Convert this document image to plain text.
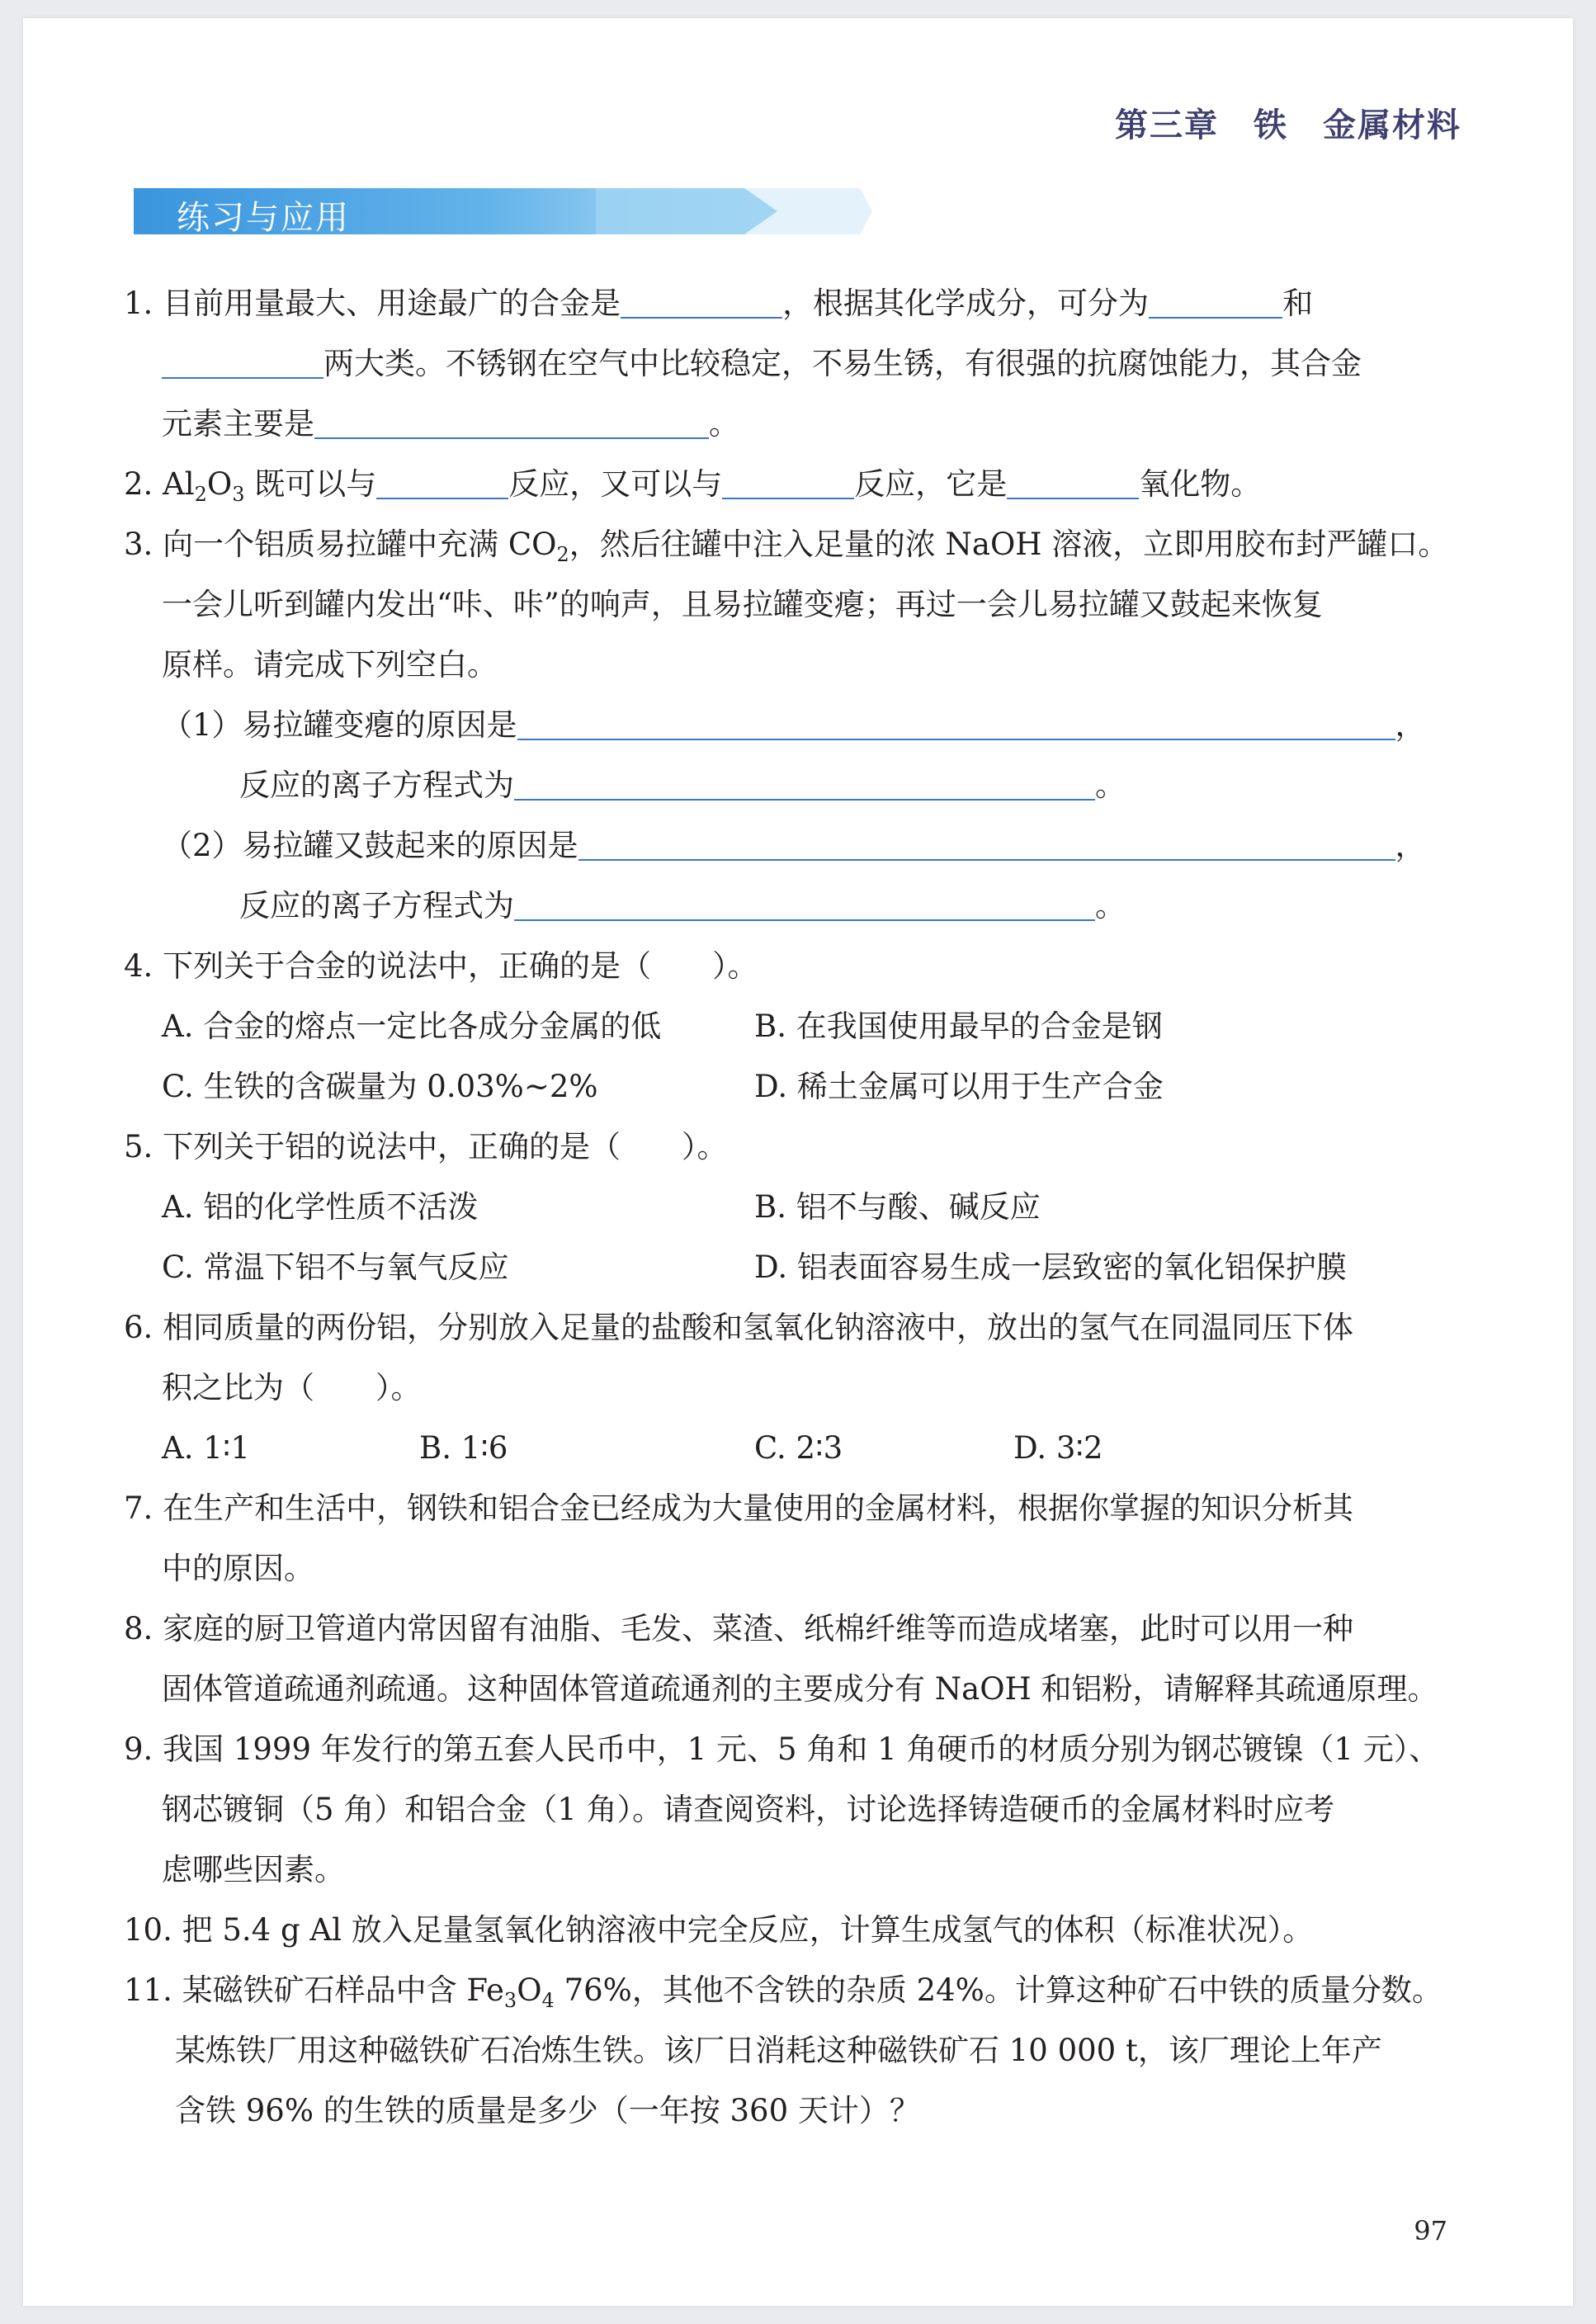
第三章　铁　金属材料
练习与应用
1. 目前用量最大、用途最广的合金是	，根据其化学成分，可分为	和
两大类。不锈钢在空气中比较稳定，不易生锈，有很强的抗腐蚀能力，其合金
元素主要是	。
2. $Al_2O_3$ 既可以与	反应，又可以与	反应，它是	氧化物。
3. 向一个铝质易拉罐中充满 $CO_2$，然后往罐中注入足量的浓 NaOH 溶液，立即用胶布封严罐口。
一会儿听到罐内发出“咔、咔”的响声，且易拉罐变瘪；再过一会儿易拉罐又鼓起来恢复
原样。请完成下列空白。
（1）易拉罐变瘪的原因是	，
反应的离子方程式为	。
（2）易拉罐又鼓起来的原因是	，
反应的离子方程式为	。
4. 下列关于合金的说法中，正确的是（　　）。
A. 合金的熔点一定比各成分金属的低	B. 在我国使用最早的合金是钢
C. 生铁的含碳量为 0.03%~2%	D. 稀土金属可以用于生产合金
5. 下列关于铝的说法中，正确的是（　　）。
A. 铝的化学性质不活泼	B. 铝不与酸、碱反应
C. 常温下铝不与氧气反应	D. 铝表面容易生成一层致密的氧化铝保护膜
6. 相同质量的两份铝，分别放入足量的盐酸和氢氧化钠溶液中，放出的氢气在同温同压下体
积之比为（　　）。
A. 1∶1	B. 1∶6	C. 2∶3	D. 3∶2
7. 在生产和生活中，钢铁和铝合金已经成为大量使用的金属材料，根据你掌握的知识分析其
中的原因。
8. 家庭的厨卫管道内常因留有油脂、毛发、菜渣、纸棉纤维等而造成堵塞，此时可以用一种
固体管道疏通剂疏通。这种固体管道疏通剂的主要成分有 NaOH 和铝粉，请解释其疏通原理。
9. 我国 1999 年发行的第五套人民币中，1 元、5 角和 1 角硬币的材质分别为钢芯镀镍（1 元）、
钢芯镀铜（5 角）和铝合金（1 角）。请查阅资料，讨论选择铸造硬币的金属材料时应考
虑哪些因素。
10. 把 5.4 g Al 放入足量氢氧化钠溶液中完全反应，计算生成氢气的体积（标准状况）。
11. 某磁铁矿石样品中含 $Fe_3O_4$ 76%，其他不含铁的杂质 24%。计算这种矿石中铁的质量分数。
某炼铁厂用这种磁铁矿石冶炼生铁。该厂日消耗这种磁铁矿石 10 000 t，该厂理论上年产
含铁 96% 的生铁的质量是多少（一年按 360 天计）？
97
